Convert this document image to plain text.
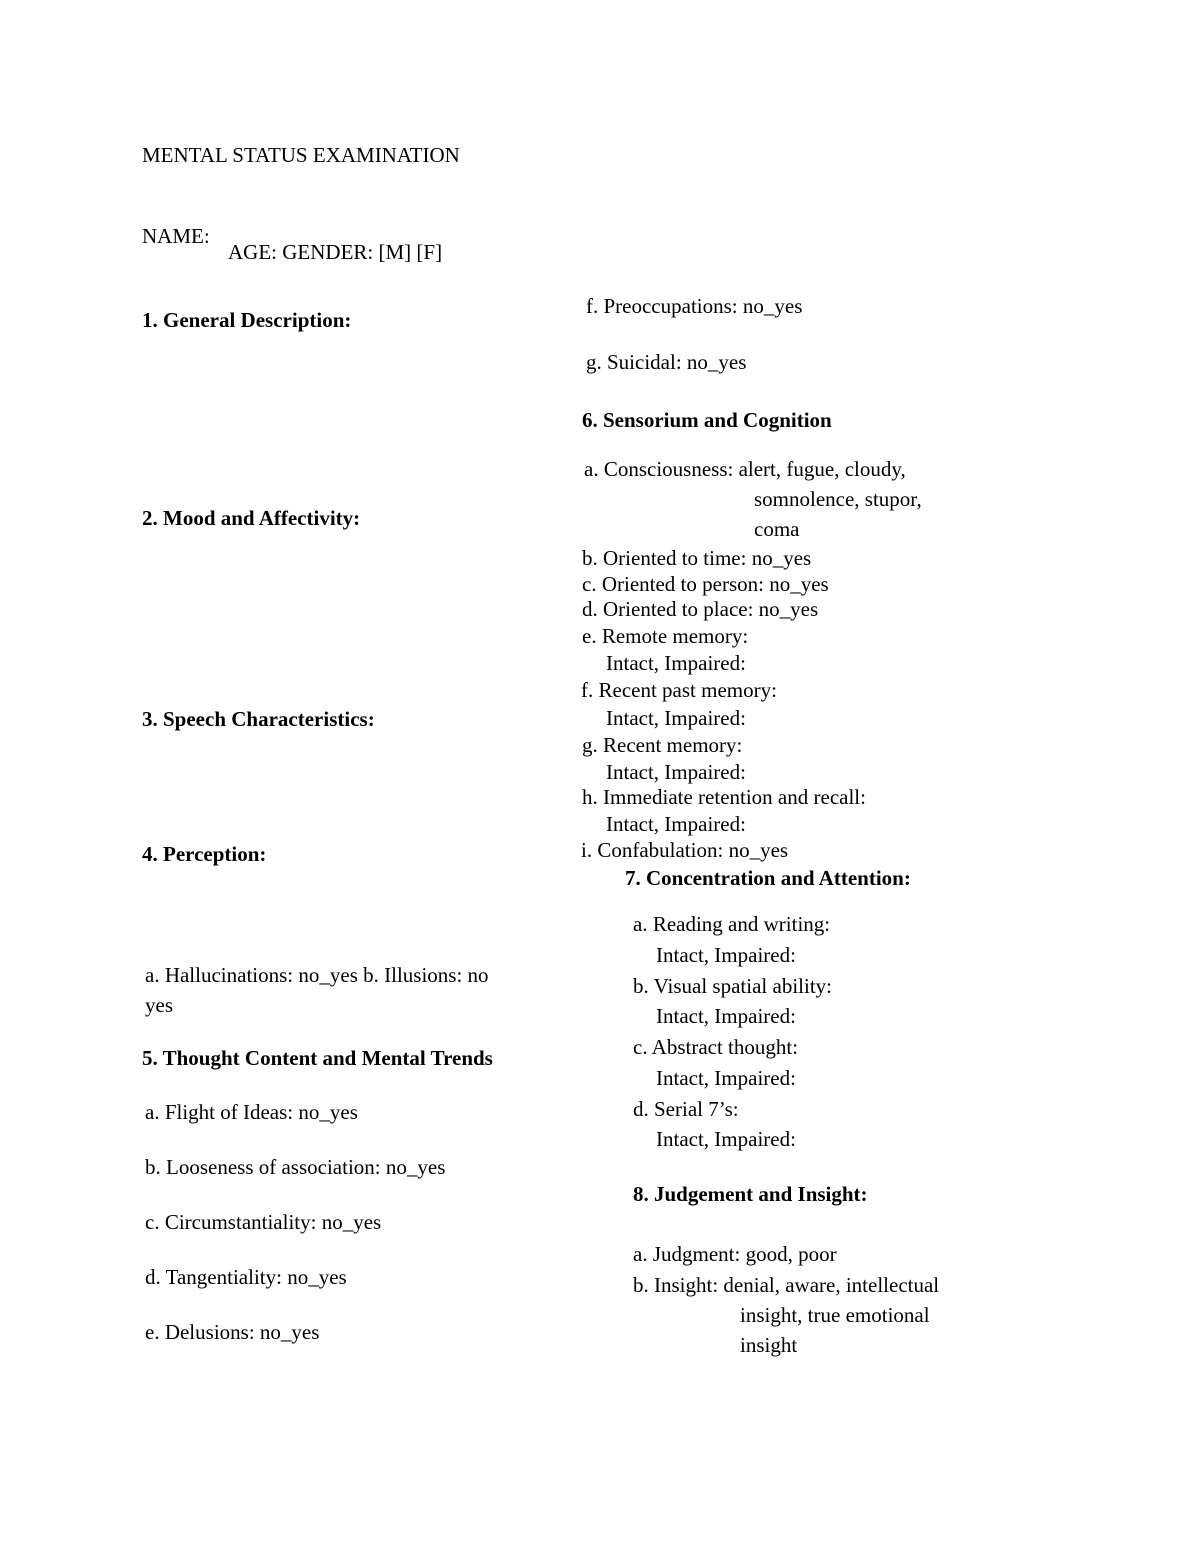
MENTAL STATUS EXAMINATION
NAME:
AGE: GENDER: [M] [F]
1. General Description:
2. Mood and Affectivity:
3. Speech Characteristics:
4. Perception:
a. Hallucinations: no_yes b. Illusions: no
yes
5. Thought Content and Mental Trends
a. Flight of Ideas: no_yes
b. Looseness of association: no_yes
c. Circumstantiality: no_yes
d. Tangentiality: no_yes
e. Delusions: no_yes
f. Preoccupations: no_yes
g. Suicidal: no_yes
6. Sensorium and Cognition
a. Consciousness: alert, fugue, cloudy,
somnolence, stupor,
coma
b. Oriented to time: no_yes
c. Oriented to person: no_yes
d. Oriented to place: no_yes
e. Remote memory:
Intact, Impaired:
f. Recent past memory:
Intact, Impaired:
g. Recent memory:
Intact, Impaired:
h. Immediate retention and recall:
Intact, Impaired:
i. Confabulation: no_yes
7. Concentration and Attention:
a. Reading and writing:
Intact, Impaired:
b. Visual spatial ability:
Intact, Impaired:
c. Abstract thought:
Intact, Impaired:
d. Serial 7’s:
Intact, Impaired:
8. Judgement and Insight:
a. Judgment: good, poor
b. Insight: denial, aware, intellectual
insight, true emotional
insight
